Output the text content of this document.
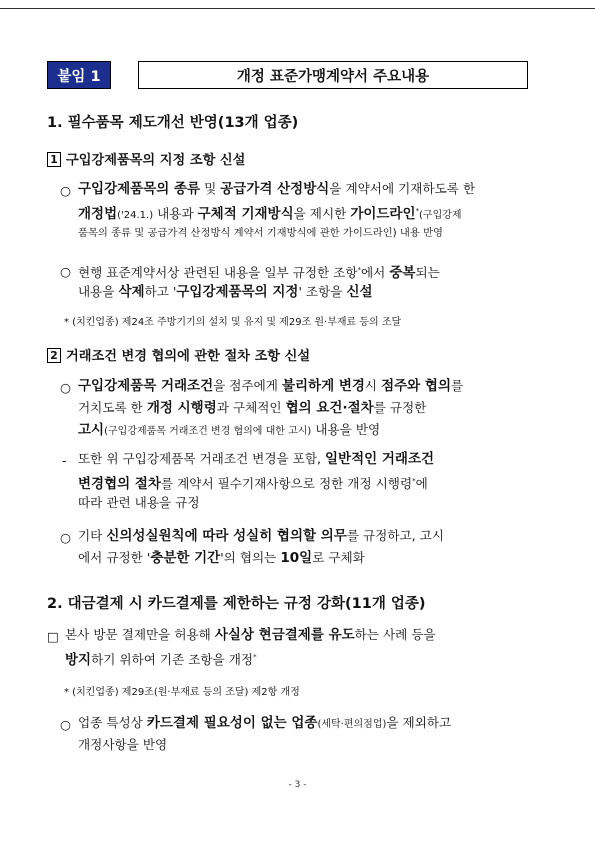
붙임 1	개정 표준가맹계약서 주요내용
1. 필수품목 제도개선 반영(13개 업종)
1 구입강제품목의 지정 조항 신설
○ 구입강제품목의 종류 및 공급가격 산정방식을 계약서에 기재하도록 한
개정법('24.1.) 내용과 구체적 기재방식을 제시한 가이드라인*(구입강제
품목의 종류 및 공급가격 산정방식 계약서 기재방식에 관한 가이드라인) 내용 반영
○ 현행 표준계약서상 관련된 내용을 일부 규정한 조항*에서 중복되는
내용을 삭제하고 '구입강제품목의 지정' 조항을 신설
* (치킨업종) 제24조 주방기기의 설치 및 유지 및 제29조 원·부재료 등의 조달
2 거래조건 변경 협의에 관한 절차 조항 신설
○ 구입강제품목 거래조건을 점주에게 불리하게 변경시 점주와 협의를
거치도록 한 개정 시행령과 구체적인 협의 요건·절차를 규정한
고시(구입강제품목 거래조건 변경 협의에 대한 고시) 내용을 반영
- 또한 위 구입강제품목 거래조건 변경을 포함, 일반적인 거래조건
변경협의 절차를 계약서 필수기재사항으로 정한 개정 시행령*에
따라 관련 내용을 규정
○ 기타 신의성실원칙에 따라 성실히 협의할 의무를 규정하고, 고시
에서 규정한 '충분한 기간'의 협의는 10일로 구체화
2. 대금결제 시 카드결제를 제한하는 규정 강화(11개 업종)
□ 본사 방문 결제만을 허용해 사실상 현금결제를 유도하는 사례 등을
방지하기 위하여 기존 조항을 개정*
* (치킨업종) 제29조(원·부재료 등의 조달) 제2항 개정
○ 업종 특성상 카드결제 필요성이 없는 업종(세탁·편의점업)을 제외하고
개정사항을 반영
- 3 -
